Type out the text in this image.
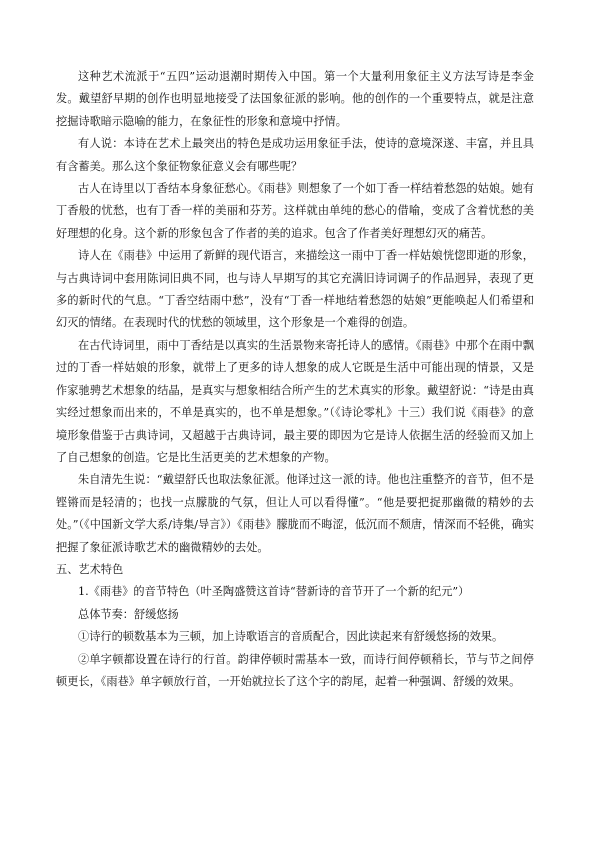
这种艺术流派于“五四”运动退潮时期传入中国。第一个大量利用象征主义方法写诗是李金发。戴望舒早期的创作也明显地接受了法国象征派的影响。他的创作的一个重要特点，就是注意挖掘诗歌暗示隐喻的能力，在象征性的形象和意境中抒情。

有人说：本诗在艺术上最突出的特色是成功运用象征手法，使诗的意境深遂、丰富，并且具有含蓄美。那么这个象征物象征意义会有哪些呢？

古人在诗里以丁香结本身象征愁心。《雨巷》则想象了一个如丁香一样结着愁怨的姑娘。她有丁香般的忧愁，也有丁香一样的美丽和芬芳。这样就由单纯的愁心的借喻，变成了含着忧愁的美好理想的化身。这个新的形象包含了作者的美的追求。包含了作者美好理想幻灭的痛苦。

诗人在《雨巷》中运用了新鲜的现代语言，来描绘这一雨中丁香一样姑娘恍惚即逝的形象，与古典诗词中套用陈词旧典不同，也与诗人早期写的其它充满旧诗词调子的作品迥异，表现了更多的新时代的气息。“丁香空结雨中愁”，没有“丁香一样地结着愁怨的姑娘”更能唤起人们希望和幻灭的情绪。在表现时代的忧愁的领域里，这个形象是一个难得的创造。

在古代诗词里，雨中丁香结是以真实的生活景物来寄托诗人的感情。《雨巷》中那个在雨中飘过的丁香一样姑娘的形象，就带上了更多的诗人想象的成人它既是生活中可能出现的情景，又是作家驰骋艺术想象的结晶，是真实与想象相结合所产生的艺术真实的形象。戴望舒说：“诗是由真实经过想象而出来的，不单是真实的，也不单是想象。”（《诗论零札》十三）我们说《雨巷》的意境形象借鉴于古典诗词，又超越于古典诗词，最主要的即因为它是诗人依据生活的经验而又加上了自己想象的创造。它是比生活更美的艺术想象的产物。

朱自清先生说：“戴望舒氏也取法象征派。他译过这一派的诗。他也注重整齐的音节，但不是铿锵而是轻清的；也找一点朦胧的气氛，但让人可以看得懂”。“他是要把捉那幽微的精妙的去处。”（《中国新文学大系/诗集/导言》）《雨巷》朦胧而不晦涩，低沉而不颓唐，情深而不轻佻，确实把握了象征派诗歌艺术的幽微精妙的去处。

五、艺术特色

1.《雨巷》的音节特色（叶圣陶盛赞这首诗“替新诗的音节开了一个新的纪元”）

总体节奏：舒缓悠扬

①诗行的顿数基本为三顿，加上诗歌语言的音质配合，因此读起来有舒缓悠扬的效果。

②单字顿都设置在诗行的行首。韵律停顿时需基本一致，而诗行间停顿稍长，节与节之间停顿更长，《雨巷》单字顿放行首，一开始就拉长了这个字的韵尾，起着一种强调、舒缓的效果。
